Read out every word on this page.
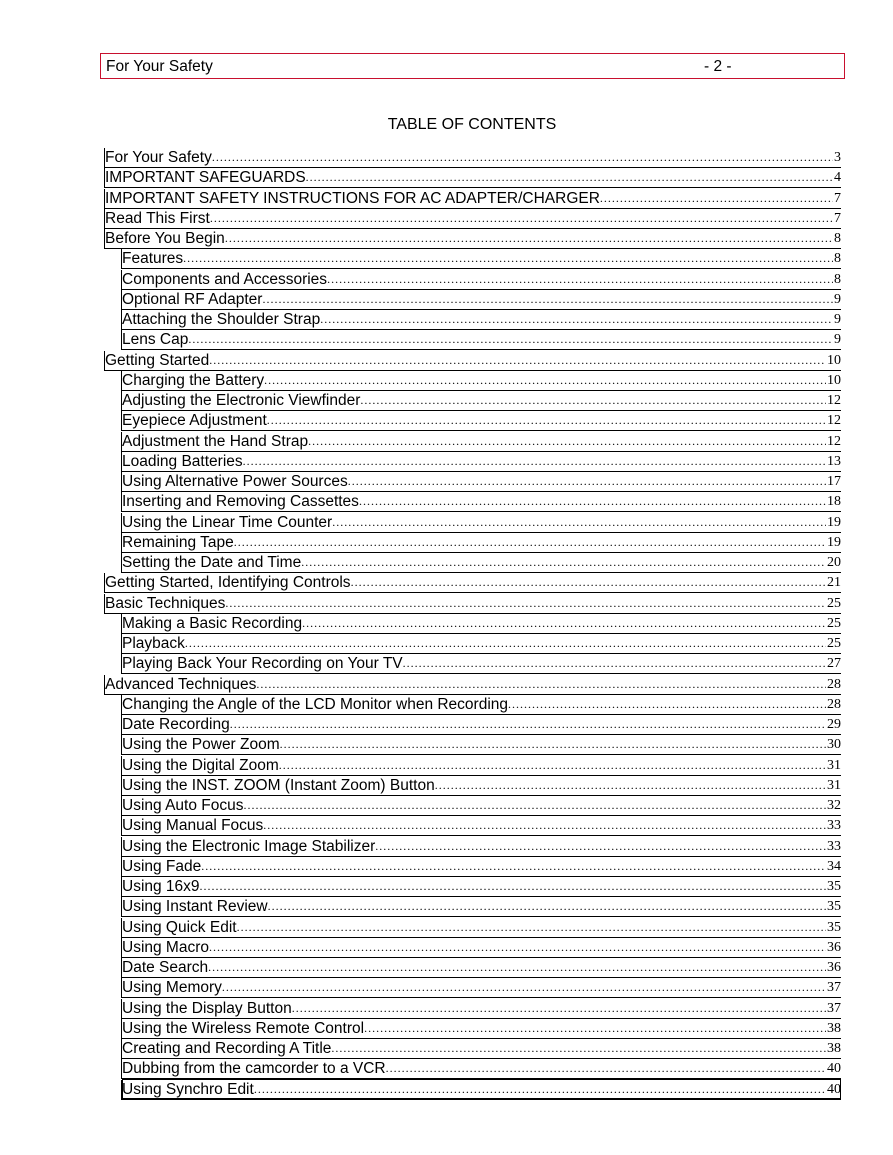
For Your Safety	- 2 -
TABLE OF CONTENTS
For Your Safety .....	3
IMPORTANT SAFEGUARDS .....	4
IMPORTANT SAFETY INSTRUCTIONS FOR AC ADAPTER/CHARGER .....	7
Read This First .....	7
Before You Begin .....	8
Features .....	8
Components and Accessories .....	8
Optional RF Adapter .....	9
Attaching the Shoulder Strap .....	9
Lens Cap .....	9
Getting Started .....	10
Charging the Battery .....	10
Adjusting the Electronic Viewfinder .....	12
Eyepiece Adjustment .....	12
Adjustment the Hand Strap .....	12
Loading Batteries .....	13
Using Alternative Power Sources .....	17
Inserting and Removing Cassettes .....	18
Using the Linear Time Counter .....	19
Remaining Tape .....	19
Setting the Date and Time .....	20
Getting Started, Identifying Controls .....	21
Basic Techniques .....	25
Making a Basic Recording .....	25
Playback .....	25
Playing Back Your Recording on Your TV .....	27
Advanced Techniques .....	28
Changing the Angle of the LCD Monitor when Recording .....	28
Date Recording .....	29
Using the Power Zoom .....	30
Using the Digital Zoom .....	31
Using the INST. ZOOM (Instant Zoom) Button .....	31
Using Auto Focus .....	32
Using Manual Focus .....	33
Using the Electronic Image Stabilizer .....	33
Using Fade .....	34
Using 16x9 .....	35
Using Instant Review .....	35
Using Quick Edit .....	35
Using Macro .....	36
Date Search .....	36
Using Memory .....	37
Using the Display Button .....	37
Using the Wireless Remote Control .....	38
Creating and Recording A Title .....	38
Dubbing from the camcorder to a VCR .....	40
Using Synchro Edit .....	40
